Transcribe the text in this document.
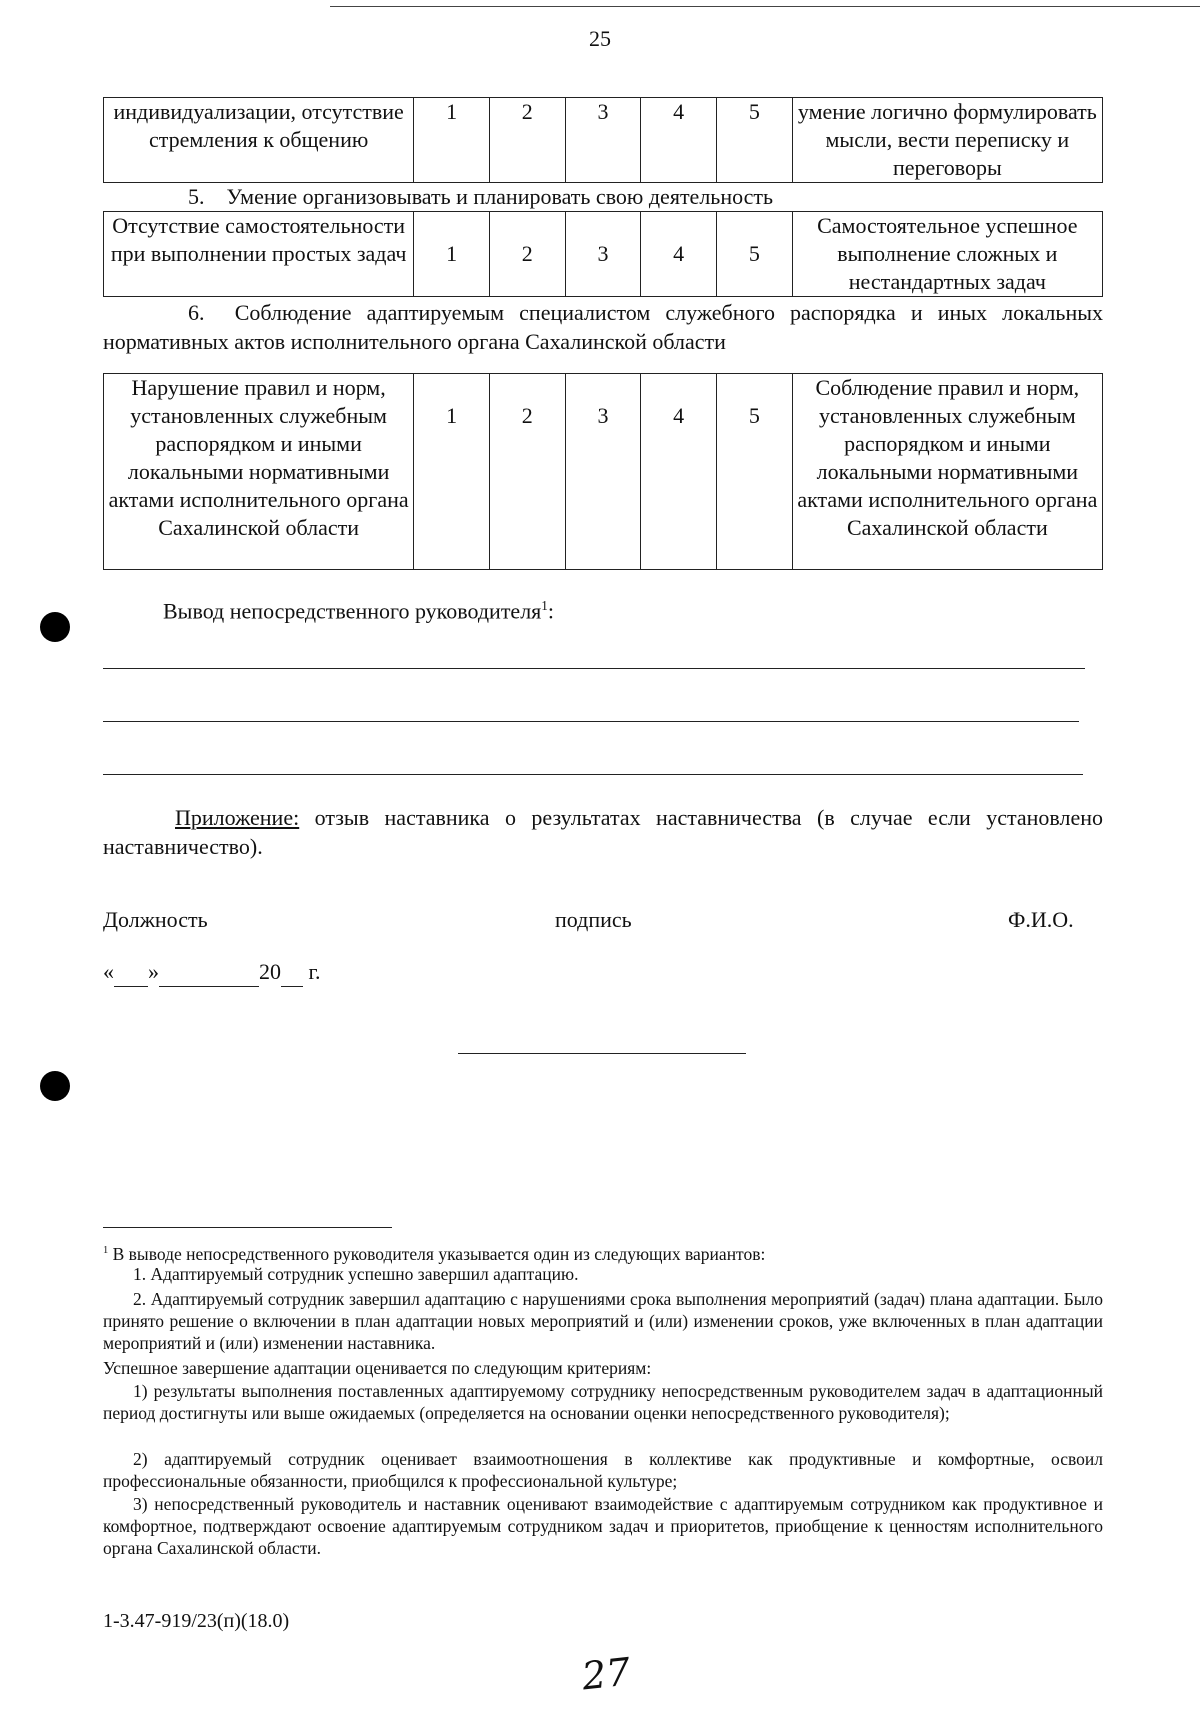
25
индивидуализации, отсутствие стремления к общению	1	2	3	4	5	умение логично формулировать мысли, вести переписку и переговоры
5. Умение организовывать и планировать свою деятельность
Отсутствие самостоятельности при выполнении простых задач	1	2	3	4	5	Самостоятельное успешное выполнение сложных и нестандартных задач
6. Соблюдение адаптируемым специалистом служебного распорядка и иных локальных нормативных актов исполнительного органа Сахалинской области
Нарушение правил и норм, установленных служебным распорядком и иными локальными нормативными актами исполнительного органа Сахалинской области	1	2	3	4	5	Соблюдение правил и норм, установленных служебным распорядком и иными локальными нормативными актами исполнительного органа Сахалинской области
Вывод непосредственного руководителя$^1$:
Приложение: отзыв наставника о результатах наставничества (в случае если установлено наставничество).
Должность	подпись	Ф.И.О.
« »	20  г.
$^1$ В выводе непосредственного руководителя указывается один из следующих вариантов:
1. Адаптируемый сотрудник успешно завершил адаптацию.
2. Адаптируемый сотрудник завершил адаптацию с нарушениями срока выполнения мероприятий (задач) плана адаптации. Было принято решение о включении в план адаптации новых мероприятий и (или) изменении сроков, уже включенных в план адаптации мероприятий и (или) изменении наставника.
Успешное завершение адаптации оценивается по следующим критериям:
1) результаты выполнения поставленных адаптируемому сотруднику непосредственным руководителем задач в адаптационный период достигнуты или выше ожидаемых (определяется на основании оценки непосредственного руководителя);
2) адаптируемый сотрудник оценивает взаимоотношения в коллективе как продуктивные и комфортные, освоил профессиональные обязанности, приобщился к профессиональной культуре;
3) непосредственный руководитель и наставник оценивают взаимодействие с адаптируемым сотрудником как продуктивное и комфортное, подтверждают освоение адаптируемым сотрудником задач и приоритетов, приобщение к ценностям исполнительного органа Сахалинской области.
1-3.47-919/23(п)(18.0)
27
